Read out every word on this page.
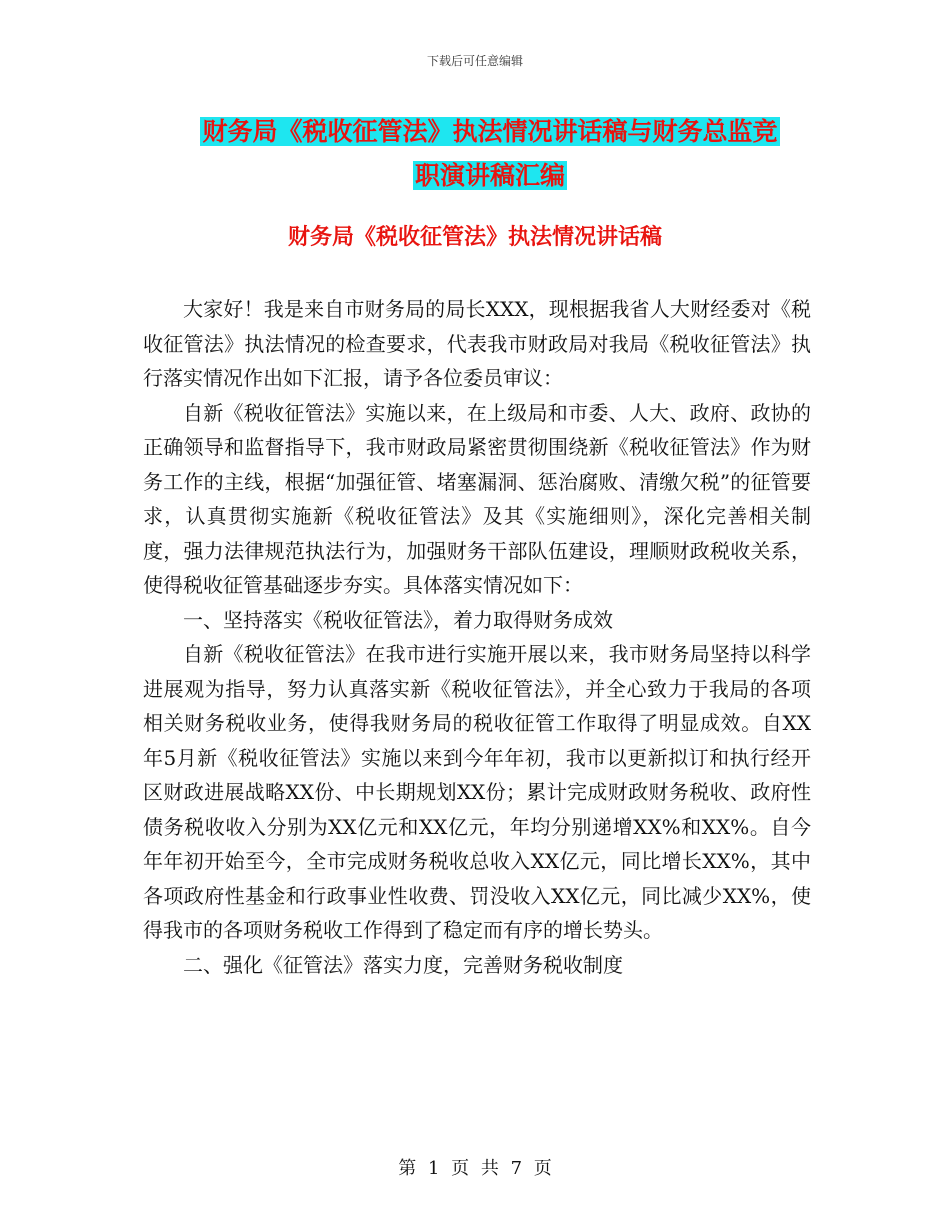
下载后可任意编辑
财务局《税收征管法》执法情况讲话稿与财务总监竞
职演讲稿汇编
财务局《税收征管法》执法情况讲话稿

大家好！我是来自市财务局的局长XXX，现根据我省人大财经委对《税收征管法》执法情况的检查要求，代表我市财政局对我局《税收征管法》执行落实情况作出如下汇报，请予各位委员审议：

自新《税收征管法》实施以来，在上级局和市委、人大、政府、政协的正确领导和监督指导下，我市财政局紧密贯彻围绕新《税收征管法》作为财务工作的主线，根据“加强征管、堵塞漏洞、惩治腐败、清缴欠税”的征管要求，认真贯彻实施新《税收征管法》及其《实施细则》，深化完善相关制度，强力法律规范执法行为，加强财务干部队伍建设，理顺财政税收关系，使得税收征管基础逐步夯实。具体落实情况如下：

一、坚持落实《税收征管法》，着力取得财务成效

自新《税收征管法》在我市进行实施开展以来，我市财务局坚持以科学进展观为指导，努力认真落实新《税收征管法》，并全心致力于我局的各项相关财务税收业务，使得我财务局的税收征管工作取得了明显成效。自XX年5月新《税收征管法》实施以来到今年年初，我市以更新拟订和执行经开区财政进展战略XX份、中长期规划XX份；累计完成财政财务税收、政府性债务税收收入分别为XX亿元和XX亿元，年均分别递增XX%和XX%。自今年年初开始至今，全市完成财务税收总收入XX亿元，同比增长XX%，其中各项政府性基金和行政事业性收费、罚没收入XX亿元，同比减少XX%，使得我市的各项财务税收工作得到了稳定而有序的增长势头。

二、强化《征管法》落实力度，完善财务税收制度

第 1 页 共 7 页
